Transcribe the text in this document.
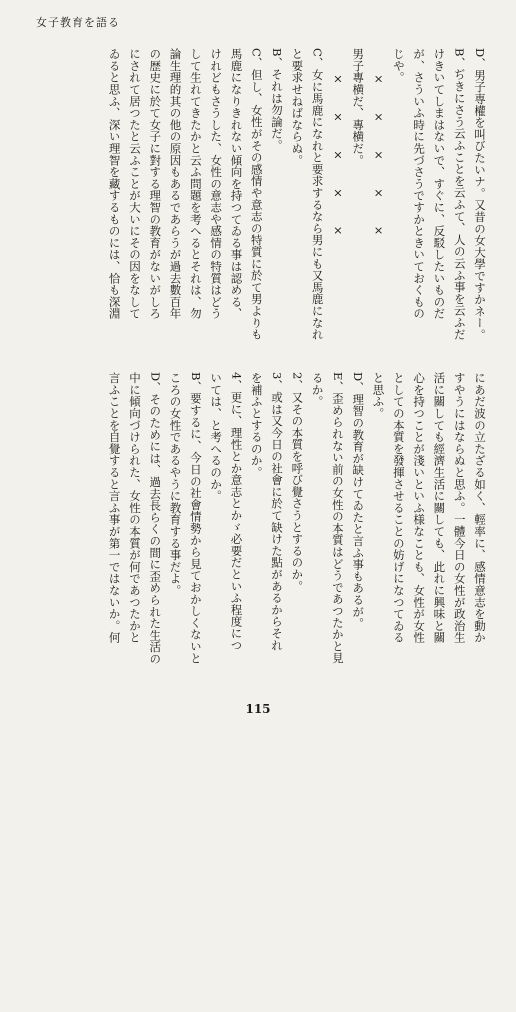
女子教育を語る
D、男子専權を叫びたいナ。又昔の女大學ですかネー。
B、ぢきにさう云ふことを云ふて、人の云ふ事を云ふだ
けきいてしまはないで、すぐに、反駁したいものだ
が、さういふ時に先づさうですかときいておくもの
じや。
　　×　　×　　×　　×　　×
男子專横だ、專横だ。
　　×　　×　　×　　×　　×
C、女に馬鹿になれと要求するなら男にも又馬鹿になれ
と要求せねばならぬ。
B、それは勿論だ。
C、但し、女性がその感情や意志の特質に於て男よりも
馬鹿になりきれない傾向を持つてゐる事は認める、
けれどもさうした、女性の意志や感情の特質はどう
して生れてきたかと云ふ問題を考へるとそれは、勿
論生理的其の他の原因もあるであらうが過去數百年
の歴史に於て女子に對する理智の教育がないがしろ
にされて居つたと云ふことが大いにその因をなして
ゐると思ふ、深い理智を藏するものには、恰も深淵
にあだ波の立たざる如く、輕率に、感情意志を動か
すやうにはならぬと思ふ。一體今日の女性が政治生
活に關しても經濟生活に關しても、此れに興味と關
心を持つことが淺いといふ様なことも、女性が女性
としての本質を發揮させることの妨げになつてゐる
と思ふ。
D、理智の教育が缺けてゐたと言ふ事もあるが。
E、歪められない前の女性の本質はどうであつたかと見
るか。
2、又その本質を呼び覺さうとするのか。
3、或は又今日の社會に於て缺けた點があるからそれ
を補ふとするのか。
4、更に、理性とか意志とかゞ必要だといふ程度につ
いては、と考へるのか。
B、要するに、今日の社會情勢から見ておかしくないと
ころの女性であるやうに教育する事だよ。
D、そのためには、過去長らくの間に歪められた生活の
中に傾向づけられた、女性の本質が何であつたかと
言ふことを自覺すると言ふ事が第一ではないか。何
115
